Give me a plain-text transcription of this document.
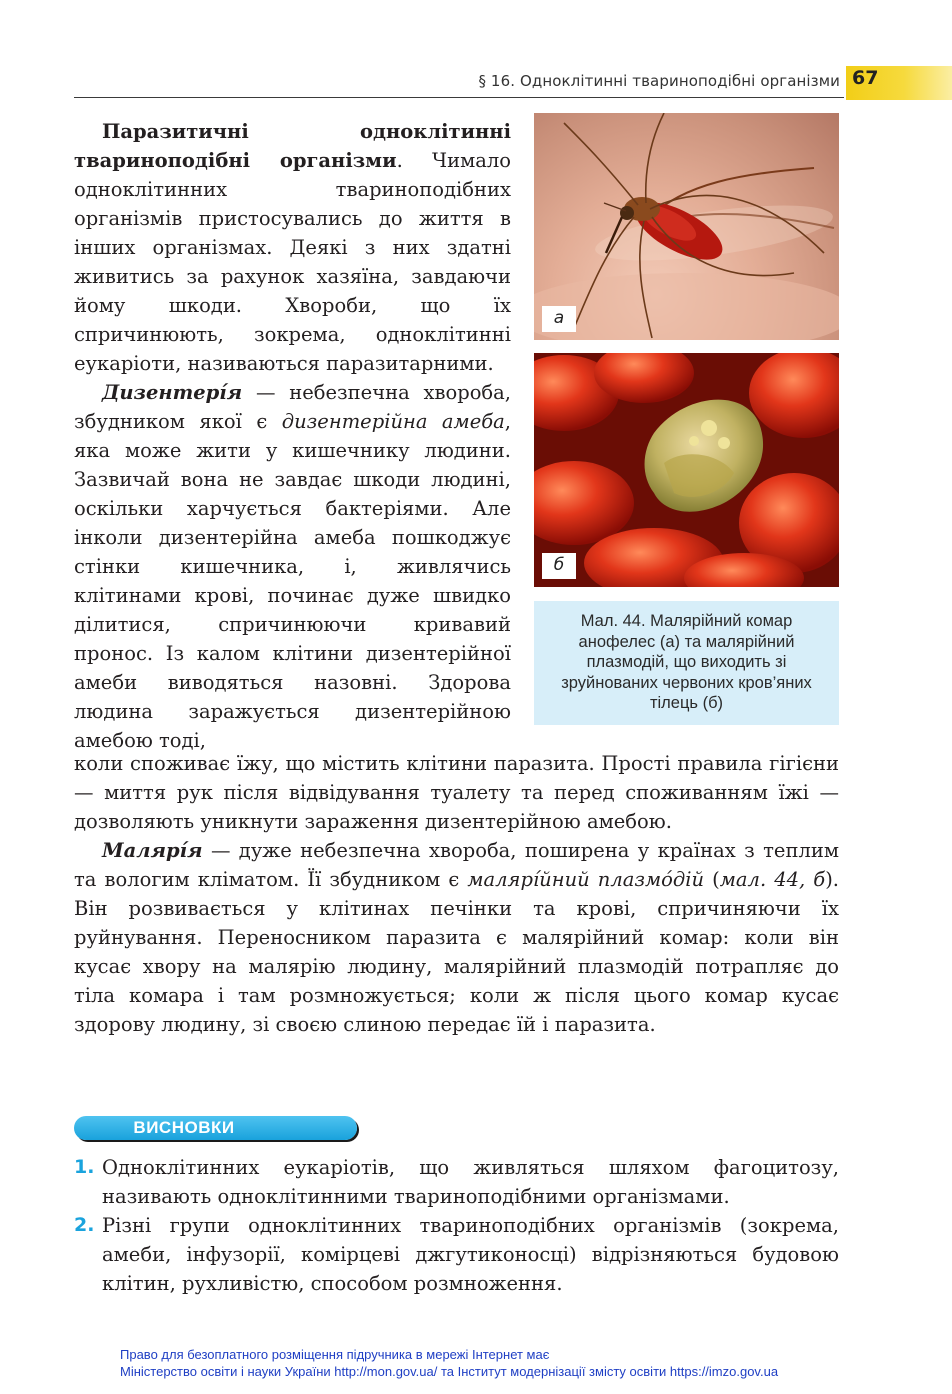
§ 16. Одноклітинні твариноподібні організми 67

Паразитичні одноклітинні твариноподібні організми. Чимало одноклітинних твариноподібних організмів пристосувались до життя в інших організмах. Деякі з них здатні живитись за рахунок хазяїна, завдаючи йому шкоди. Хвороби, що їх спричинюють, зокрема, одноклітинні еукаріоти, називаються паразитарними.

Дизентерíя — небезпечна хвороба, збудником якої є дизентерійна амеба, яка може жити у кишечнику людини. Зазвичай вона не завдає шкоди людині, оскільки харчується бактеріями. Але інколи дизентерійна амеба пошкоджує стінки кишечника, і, живлячись клітинами крові, починає дуже швидко ділитися, спричинюючи кривавий пронос. Із калом клітини дизентерійної амеби виводяться назовні. Здорова людина заражується дизентерійною амебою тоді,

а
б
Мал. 44. Малярійний комар анофелес (а) та малярійний плазмодій, що виходить зі зруйнованих червоних кров’яних тілець (б)

коли споживає їжу, що містить клітини паразита. Прості правила гігієни — миття рук після відвідування туалету та перед споживанням їжі — дозволяють уникнути зараження дизентерійною амебою.

Малярíя — дуже небезпечна хвороба, поширена у країнах з теплим та вологим кліматом. Її збудником є малярíйний плазмóдій (мал. 44, б). Він розвивається у клітинах печінки та крові, спричиняючи їх руйнування. Переносником паразита є малярійний комар: коли він кусає хвору на малярію людину, малярійний плазмодій потрапляє до тіла комара і там розмножується; коли ж після цього комар кусає здорову людину, зі своєю слиною передає їй і паразита.

ВИСНОВКИ
1. Одноклітинних еукаріотів, що живляться шляхом фагоцитозу, називають одноклітинними твариноподібними організмами.
2. Різні групи одноклітинних твариноподібних організмів (зокрема, амеби, інфузорії, комірцеві джгутиконосці) відрізняються будовою клітин, рухливістю, способом розмноження.
Право для безоплатного розміщення підручника в мережі Інтернет має
Міністерство освіти і науки України http://mon.gov.ua/ та Інститут модернізації змісту освіти https://imzo.gov.ua
